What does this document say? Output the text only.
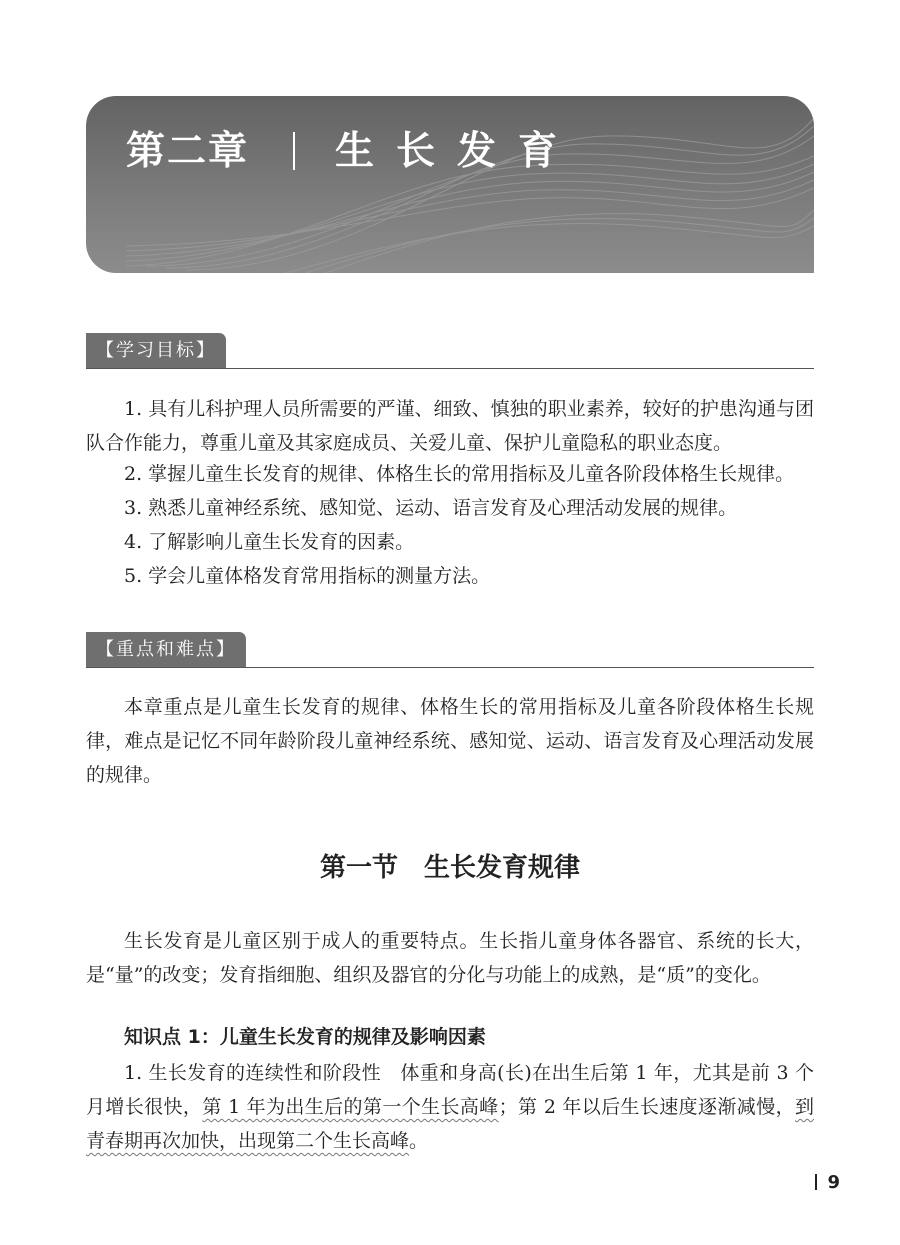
第二章 生长发育
【学习目标】
1. 具有儿科护理人员所需要的严谨、细致、慎独的职业素养，较好的护患沟通与团队合作能力，尊重儿童及其家庭成员、关爱儿童、保护儿童隐私的职业态度。
2. 掌握儿童生长发育的规律、体格生长的常用指标及儿童各阶段体格生长规律。
3. 熟悉儿童神经系统、感知觉、运动、语言发育及心理活动发展的规律。
4. 了解影响儿童生长发育的因素。
5. 学会儿童体格发育常用指标的测量方法。
【重点和难点】
本章重点是儿童生长发育的规律、体格生长的常用指标及儿童各阶段体格生长规律，难点是记忆不同年龄阶段儿童神经系统、感知觉、运动、语言发育及心理活动发展的规律。
第一节　生长发育规律
生长发育是儿童区别于成人的重要特点。生长指儿童身体各器官、系统的长大，是“量”的改变；发育指细胞、组织及器官的分化与功能上的成熟，是“质”的变化。
知识点 1：儿童生长发育的规律及影响因素
1. 生长发育的连续性和阶段性　体重和身高(长)在出生后第 1 年，尤其是前 3 个月增长很快，第 1 年为出生后的第一个生长高峰；第 2 年以后生长速度逐渐减慢，到青春期再次加快，出现第二个生长高峰。
9
